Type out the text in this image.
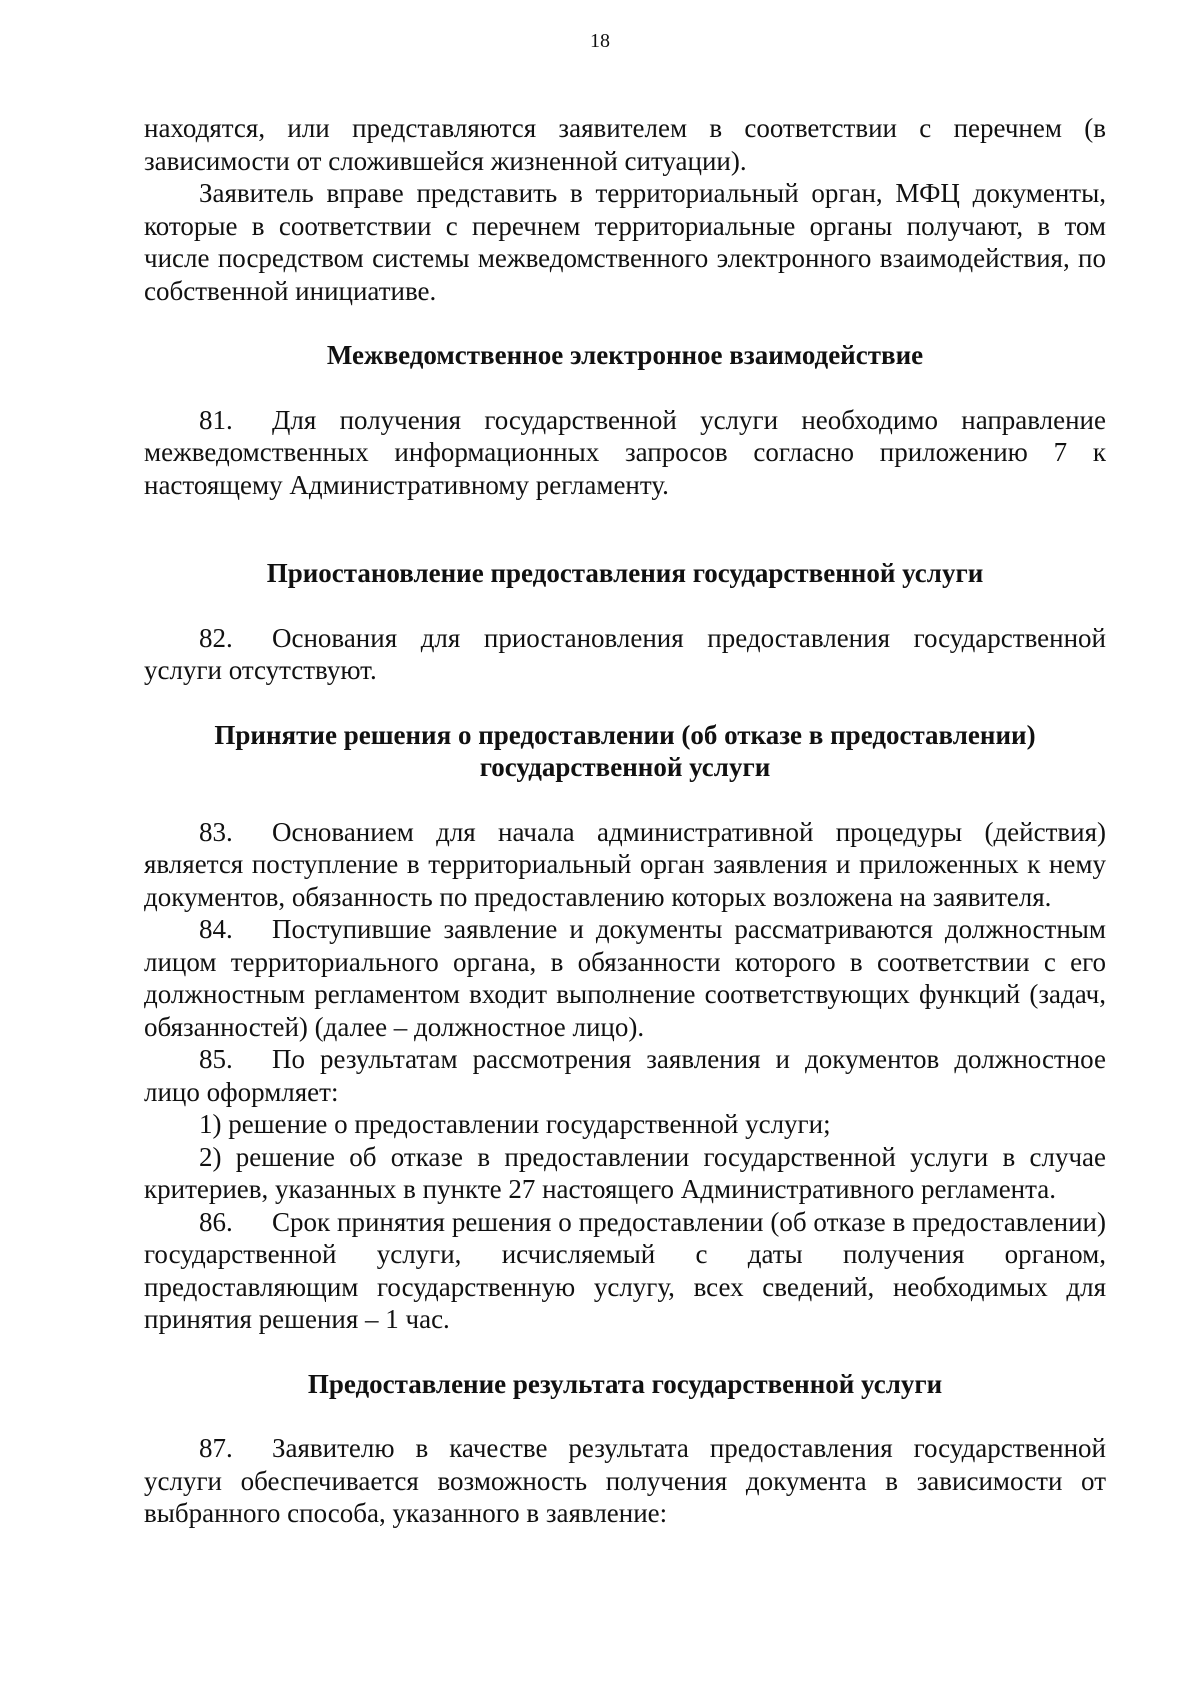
18

находятся, или представляются заявителем в соответствии с перечнем (в зависимости от сложившейся жизненной ситуации).

Заявитель вправе представить в территориальный орган, МФЦ документы, которые в соответствии с перечнем территориальные органы получают, в том числе посредством системы межведомственного электронного взаимодействия, по собственной инициативе.

Межведомственное электронное взаимодействие

81. Для получения государственной услуги необходимо направление межведомственных информационных запросов согласно приложению 7 к настоящему Административному регламенту.

Приостановление предоставления государственной услуги

82. Основания для приостановления предоставления государственной услуги отсутствуют.

Принятие решения о предоставлении (об отказе в предоставлении)

государственной услуги

83. Основанием для начала административной процедуры (действия) является поступление в территориальный орган заявления и приложенных к нему документов, обязанность по предоставлению которых возложена на заявителя.

84. Поступившие заявление и документы рассматриваются должностным лицом территориального органа, в обязанности которого в соответствии с его должностным регламентом входит выполнение соответствующих функций (задач, обязанностей) (далее – должностное лицо).

85. По результатам рассмотрения заявления и документов должностное лицо оформляет:

1) решение о предоставлении государственной услуги;

2) решение об отказе в предоставлении государственной услуги в случае критериев, указанных в пункте 27 настоящего Административного регламента.

86. Срок принятия решения о предоставлении (об отказе в предоставлении) государственной услуги, исчисляемый с даты получения органом, предоставляющим государственную услугу, всех сведений, необходимых для принятия решения – 1 час.

Предоставление результата государственной услуги

87. Заявителю в качестве результата предоставления государственной услуги обеспечивается возможность получения документа в зависимости от выбранного способа, указанного в заявление:
